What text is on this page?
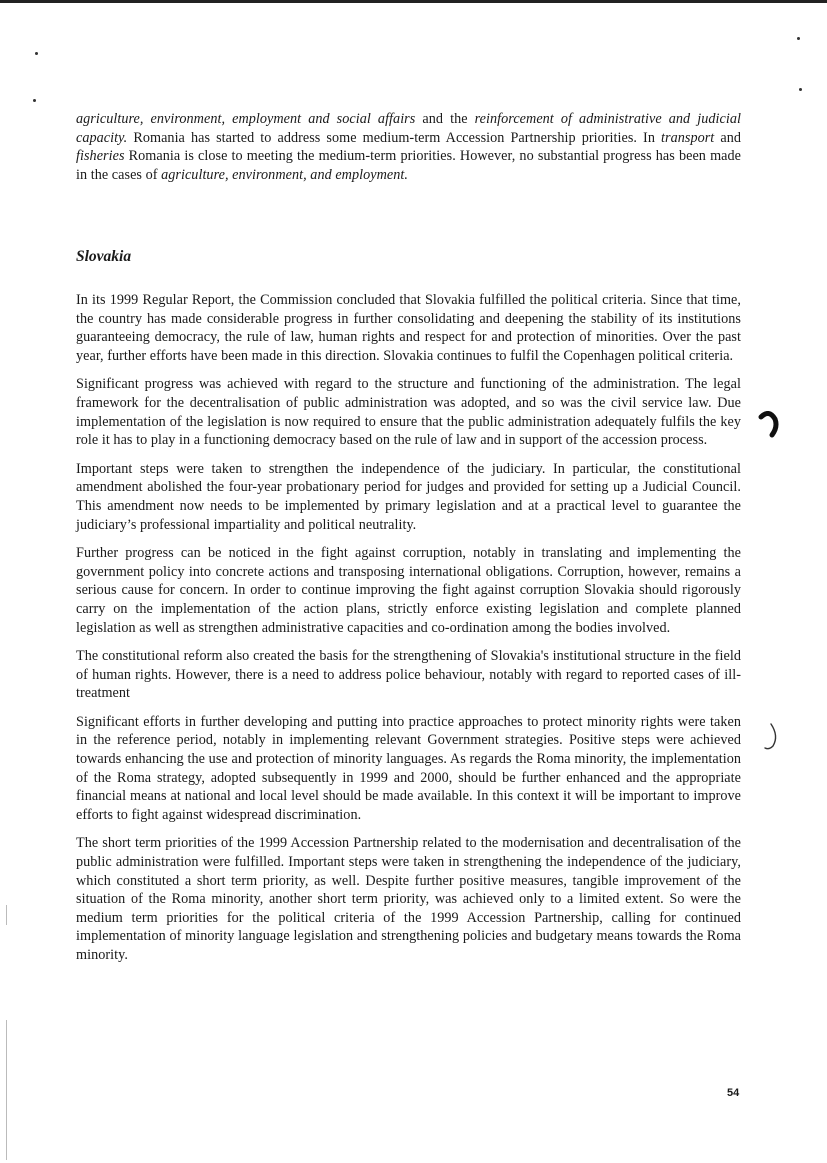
agriculture, environment, employment and social affairs and the reinforcement of administrative and judicial capacity. Romania has started to address some medium-term Accession Partnership priorities. In transport and fisheries Romania is close to meeting the medium-term priorities. However, no substantial progress has been made in the cases of agriculture, environment, and employment.

Slovakia

In its 1999 Regular Report, the Commission concluded that Slovakia fulfilled the political criteria. Since that time, the country has made considerable progress in further consolidating and deepening the stability of its institutions guaranteeing democracy, the rule of law, human rights and respect for and protection of minorities. Over the past year, further efforts have been made in this direction. Slovakia continues to fulfil the Copenhagen political criteria.

Significant progress was achieved with regard to the structure and functioning of the administration. The legal framework for the decentralisation of public administration was adopted, and so was the civil service law. Due implementation of the legislation is now required to ensure that the public administration adequately fulfils the key role it has to play in a functioning democracy based on the rule of law and in support of the accession process.

Important steps were taken to strengthen the independence of the judiciary. In particular, the constitutional amendment abolished the four-year probationary period for judges and provided for setting up a Judicial Council. This amendment now needs to be implemented by primary legislation and at a practical level to guarantee the judiciary’s professional impartiality and political neutrality.

Further progress can be noticed in the fight against corruption, notably in translating and implementing the government policy into concrete actions and transposing international obligations. Corruption, however, remains a serious cause for concern. In order to continue improving the fight against corruption Slovakia should rigorously carry on the implementation of the action plans, strictly enforce existing legislation and complete planned legislation as well as strengthen administrative capacities and co-ordination among the bodies involved.

The constitutional reform also created the basis for the strengthening of Slovakia's institutional structure in the field of human rights. However, there is a need to address police behaviour, notably with regard to reported cases of ill-treatment

Significant efforts in further developing and putting into practice approaches to protect minority rights were taken in the reference period, notably in implementing relevant Government strategies. Positive steps were achieved towards enhancing the use and protection of minority languages. As regards the Roma minority, the implementation of the Roma strategy, adopted subsequently in 1999 and 2000, should be further enhanced and the appropriate financial means at national and local level should be made available. In this context it will be important to improve efforts to fight against widespread discrimination.

The short term priorities of the 1999 Accession Partnership related to the modernisation and decentralisation of the public administration were fulfilled. Important steps were taken in strengthening the independence of the judiciary, which constituted a short term priority, as well. Despite further positive measures, tangible improvement of the situation of the Roma minority, another short term priority, was achieved only to a limited extent. So were the medium term priorities for the political criteria of the 1999 Accession Partnership, calling for continued implementation of minority language legislation and strengthening policies and budgetary means towards the Roma minority.

54
